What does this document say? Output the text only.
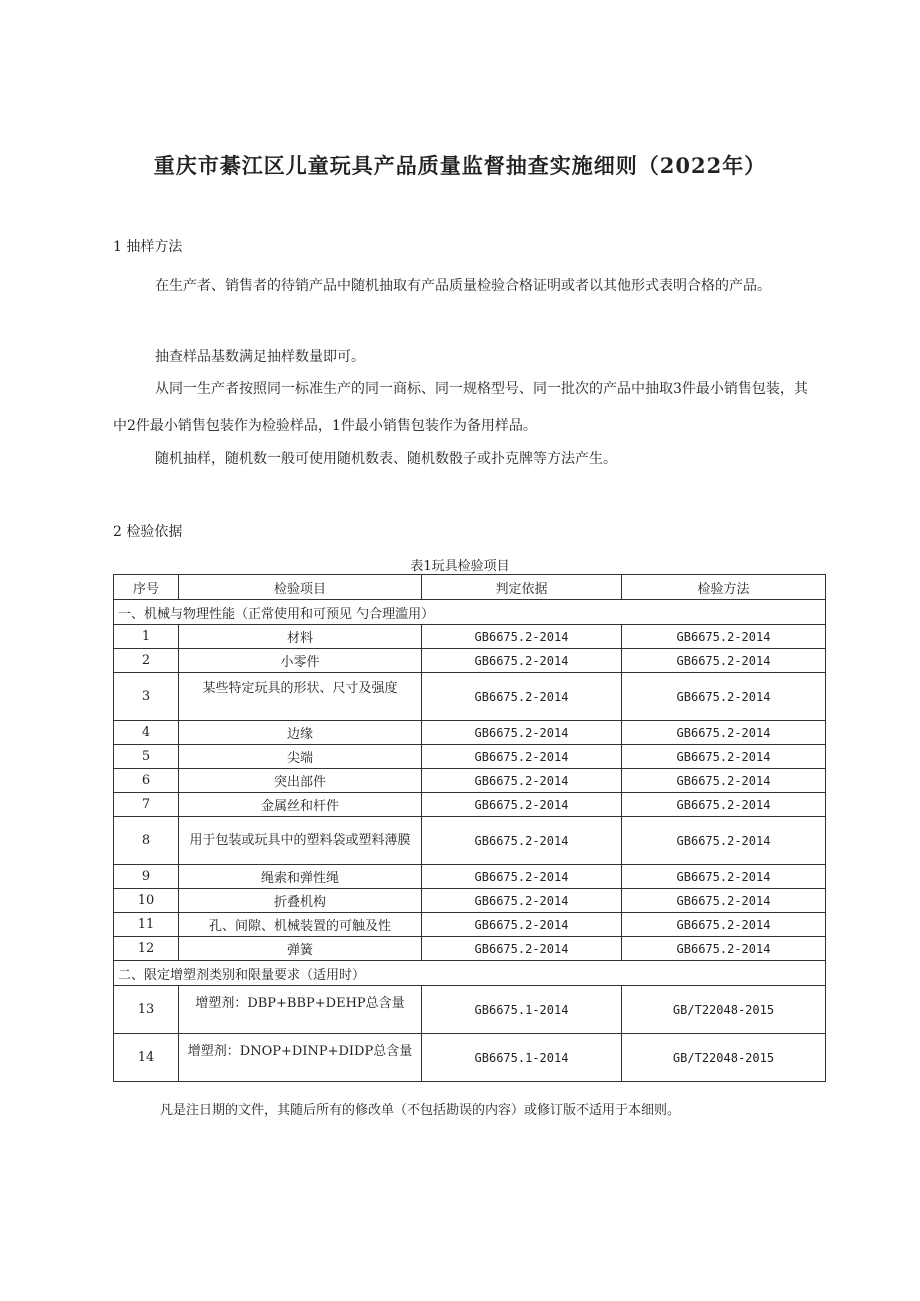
重庆市綦江区儿童玩具产品质量监督抽查实施细则（2022年）
1 抽样方法
在生产者、销售者的待销产品中随机抽取有产品质量检验合格证明或者以其他形式表明合格的产品。
抽查样品基数满足抽样数量即可。
从同一生产者按照同一标准生产的同一商标、同一规格型号、同一批次的产品中抽取3件最小销售包装，其中2件最小销售包装作为检验样品，1件最小销售包装作为备用样品。
随机抽样，随机数一般可使用随机数表、随机数骰子或扑克牌等方法产生。
2 检验依据
表1玩具检验项目
序号	检验项目	判定依据	检验方法
一、机械与物理性能（正常使用和可预见 勺合理滥用）			
1	材料	GB6675.2-2014	GB6675.2-2014
2	小零件	GB6675.2-2014	GB6675.2-2014
3	某些特定玩具的形状、尺寸及强度	GB6675.2-2014	GB6675.2-2014
4	边缘	GB6675.2-2014	GB6675.2-2014
5	尖端	GB6675.2-2014	GB6675.2-2014
6	突出部件	GB6675.2-2014	GB6675.2-2014
7	金属丝和杆件	GB6675.2-2014	GB6675.2-2014
8	用于包装或玩具中的塑料袋或塑料薄膜	GB6675.2-2014	GB6675.2-2014
9	绳索和弹性绳	GB6675.2-2014	GB6675.2-2014
10	折叠机构	GB6675.2-2014	GB6675.2-2014
11	孔、间隙、机械装置的可触及性	GB6675.2-2014	GB6675.2-2014
12	弹簧	GB6675.2-2014	GB6675.2-2014
二、限定增塑剂类别和限量要求（适用时）			
13	增塑剂：DBP+BBP+DEHP总含量	GB6675.1-2014	GB/T22048-2015
14	增塑剂：DNOP+DINP+DIDP总含量	GB6675.1-2014	GB/T22048-2015
凡是注日期的文件，其随后所有的修改单（不包括勘误的内容）或修订版不适用于本细则。
